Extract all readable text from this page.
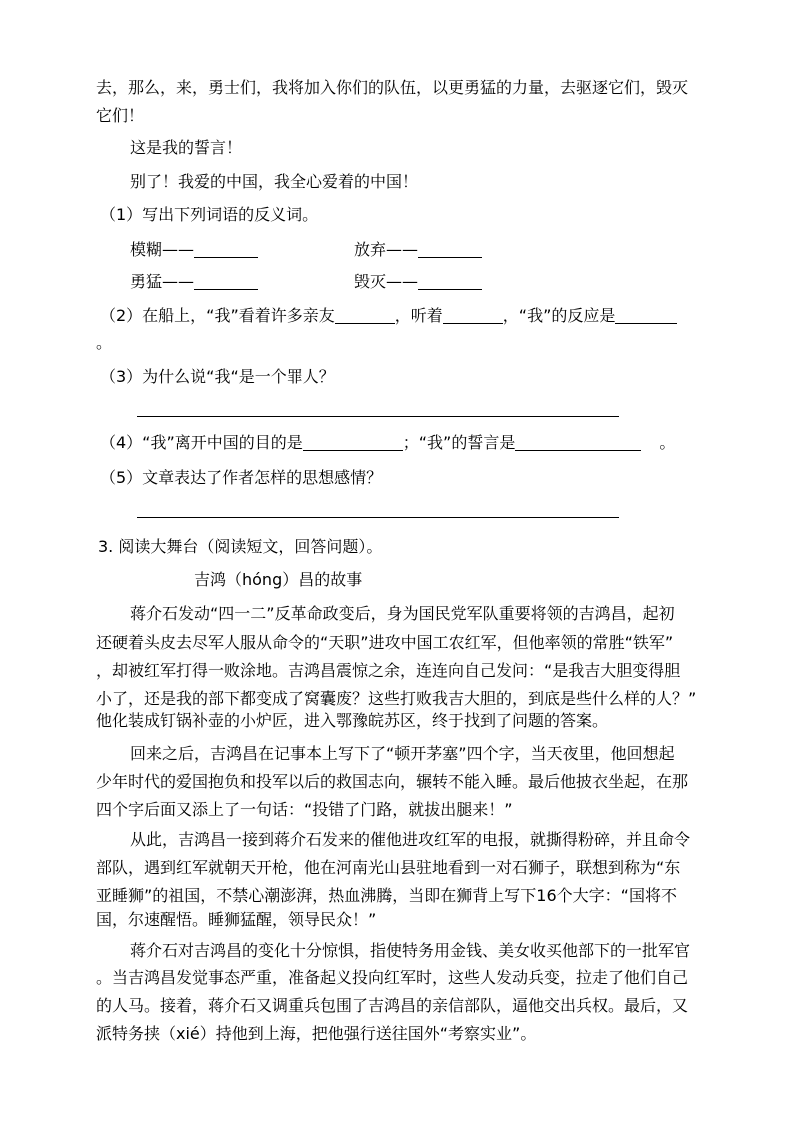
去，那么，来，勇士们，我将加入你们的队伍，以更勇猛的力量，去驱逐它们，毁灭
它们！
这是我的誓言！
别了！我爱的中国，我全心爱着的中国！
（1）写出下列词语的反义词。
模糊——	放弃——
勇猛——	毁灭——
（2）在船上，“我”看着许多亲友	，听着	，“我”的反应是
。
（3）为什么说“我“是一个罪人？
（4）“我”离开中国的目的是	；“我”的誓言是	。
（5）文章表达了作者怎样的思想感情？
3. 阅读大舞台（阅读短文，回答问题）。
吉鸿（hóng）昌的故事
蒋介石发动“四一二”反革命政变后，身为国民党军队重要将领的吉鸿昌，起初
还硬着头皮去尽军人服从命令的“天职”进攻中国工农红军，但他率领的常胜“铁军”
，却被红军打得一败涂地。吉鸿昌震惊之余，连连向自己发问：“是我吉大胆变得胆
小了，还是我的部下都变成了窝囊废？这些打败我吉大胆的，到底是些什么样的人？”
他化装成钉锅补壶的小炉匠，进入鄂豫皖苏区，终于找到了问题的答案。
回来之后，吉鸿昌在记事本上写下了“顿开茅塞”四个字，当天夜里，他回想起
少年时代的爱国抱负和投军以后的救国志向，辗转不能入睡。最后他披衣坐起，在那
四个字后面又添上了一句话：“投错了门路，就拔出腿来！”
从此，吉鸿昌一接到蒋介石发来的催他进攻红军的电报，就撕得粉碎，并且命令
部队，遇到红军就朝天开枪，他在河南光山县驻地看到一对石狮子，联想到称为“东
亚睡狮”的祖国，不禁心潮澎湃，热血沸腾，当即在狮背上写下16个大字：“国将不
国，尔速醒悟。睡狮猛醒，领导民众！”
蒋介石对吉鸿昌的变化十分惊惧，指使特务用金钱、美女收买他部下的一批军官
。当吉鸿昌发觉事态严重，准备起义投向红军时，这些人发动兵变，拉走了他们自己
的人马。接着，蒋介石又调重兵包围了吉鸿昌的亲信部队，逼他交出兵权。最后，又
派特务挟（xié）持他到上海，把他强行送往国外“考察实业”。
